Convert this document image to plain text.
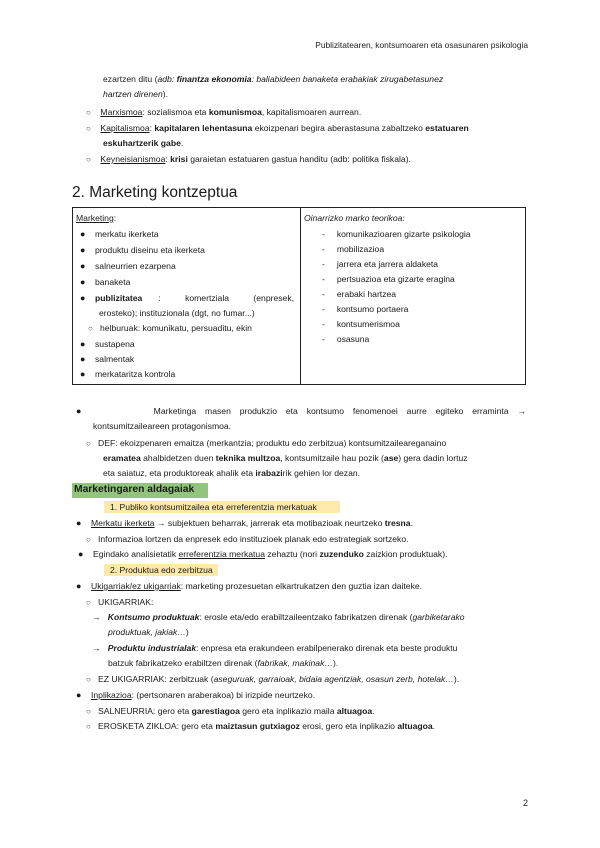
Publizitatearen, kontsumoaren eta osasunaren psikologia
ezartzen ditu (adb: finantza ekonomia: baliabideen banaketa erabakiak zirugabetasunez
hartzen direnen).
○ Marxismoa: sozialismoa eta komunismoa, kapitalismoaren aurrean.
○ Kapitalismoa: kapitalaren lehentasuna ekoizpenari begira aberastasuna zabaltzeko estatuaren
eskuhartzerik gabe.
○ Keyneisianismoa: krisi garaietan estatuaren gastua handitu (adb: politika fiskala).
2. Marketing kontzeptua
Marketing:
● merkatu ikerketa
● produktu diseinu eta ikerketa
● salneurrien ezarpena
● banaketa
● publizitatea : komertziala (enpresek,
erosteko); instituzionala (dgt, no fumar...)
○ helburuak: komunikatu, persuaditu, ekin
● sustapena
● salmentak
● merkataritza kontrola
Oinarrizko marko teorikoa:
-     komunikazioaren gizarte psikologia
-     mobilizazioa
-     jarrera eta jarrera aldaketa
-     pertsuazioa eta gizarte eragina
-     erabaki hartzea
-     kontsumo portaera
-     kontsumerismoa
-     osasuna
●	Marketinga masen produkzio eta kontsumo fenomenoei aurre egiteko erraminta →
kontsumitzaileareen protagonismoa.
○ DEF: ekoizpenaren emaitza (merkantzia; produktu edo zerbitzua) kontsumitzaileareganaino
eramatea ahalbidetzen duen teknika multzoa, kontsumitzaile hau pozik (ase) gera dadin lortuz
eta saiatuz, eta produktoreak ahalik eta irabazirik gehien lor dezan.
Marketingaren aldagaiak
1. Publiko kontsumitzailea eta erreferentzia merkatuak
● Merkatu ikerketa → subjektuen beharrak, jarrerak eta motibazioak neurtzeko tresna.
○ Informazioa lortzen da enpresek edo instituzioek planak edo estrategiak sortzeko.
● Egindako analisietatik erreferentzia merkatua zehaztu (nori zuzenduko zaizkion produktuak).
2. Produktua edo zerbitzua
● Ukigarriak/ez ukigarriak: marketing prozesuetan elkartrukatzen den guztia izan daiteke.
○ UKIGARRIAK:
→ Kontsumo produktuak: erosle eta/edo erabiltzaileentzako fabrikatzen direnak (garbiketarako
produktuak, jakiak…)
→ Produktu industrialak: enpresa eta erakundeen erabilpenerako direnak eta beste produktu
batzuk fabrikatzeko erabiltzen direnak (fabrikak, makinak…).
○ EZ UKIGARRIAK: zerbitzuak (aseguruak, garraioak, bidaia agentziak, osasun zerb, hotelak…).
● Inplikazioa: (pertsonaren araberakoa) bi irizpide neurtzeko.
○ SALNEURRIA: gero eta garestiagoa gero eta inplikazio maila altuagoa.
○ EROSKETA ZIKLOA: gero eta maiztasun gutxiagoz erosi, gero eta inplikazio altuagoa.
2
